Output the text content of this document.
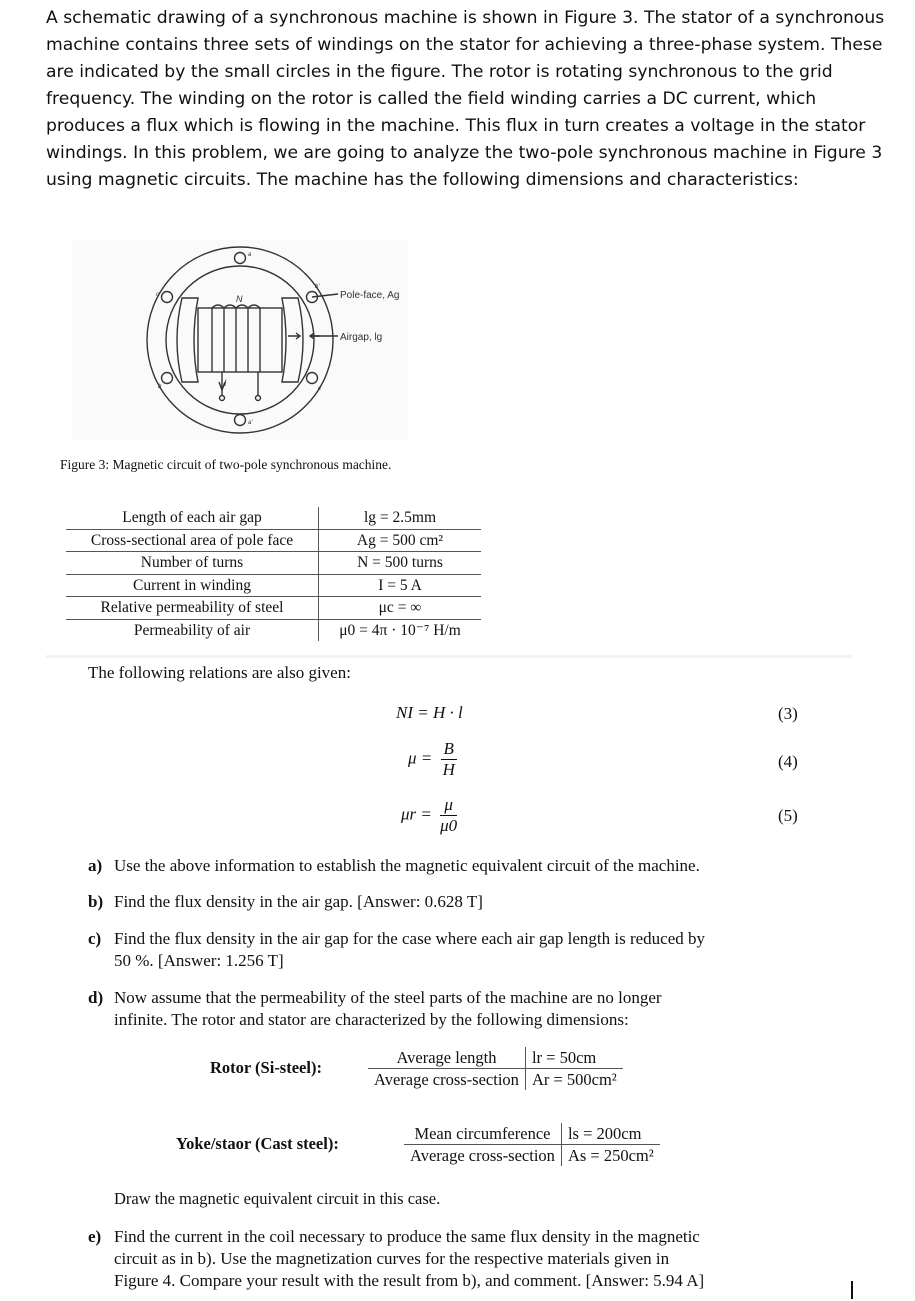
A schematic drawing of a synchronous machine is shown in Figure 3. The stator of a synchronous machine contains three sets of windings on the stator for achieving a three-phase system. These are indicated by the small circles in the figure. The rotor is rotating synchronous to the grid frequency. The winding on the rotor is called the field winding carries a DC current, which produces a flux which is flowing in the machine. This flux in turn creates a voltage in the stator windings. In this problem, we are going to analyze the two-pole synchronous machine in Figure 3 using magnetic circuits. The machine has the following dimensions and characteristics:
Pole-face, Ag
Airgap, lg
N
I
a
a'
b
b'
c
c'
Figure 3: Magnetic circuit of two-pole synchronous machine.
Length of each air gap	lg = 2.5mm
Cross-sectional area of pole face	Ag = 500 cm²
Number of turns	N = 500 turns
Current in winding	I = 5 A
Relative permeability of steel	μc = ∞
Permeability of air	μ0 = 4π · 10⁻⁷ H/m
The following relations are also given:
NI = H · l	(3)
$\mu = \frac{B}{H}$	(4)
$\mu r = \frac{\mu}{\mu 0}$	(5)
a) Use the above information to establish the magnetic equivalent circuit of the machine.
b) Find the flux density in the air gap. [Answer: 0.628 T]
c) Find the flux density in the air gap for the case where each air gap length is reduced by
50 %. [Answer: 1.256 T]
d) Now assume that the permeability of the steel parts of the machine are no longer
infinite. The rotor and stator are characterized by the following dimensions:
Rotor (Si-steel):
Average length	lr = 50cm
Average cross-section	Ar = 500cm²
Yoke/staor (Cast steel):
Mean circumference	ls = 200cm
Average cross-section	As = 250cm²
Draw the magnetic equivalent circuit in this case.
e) Find the current in the coil necessary to produce the same flux density in the magnetic
circuit as in b). Use the magnetization curves for the respective materials given in
Figure 4. Compare your result with the result from b), and comment. [Answer: 5.94 A]
